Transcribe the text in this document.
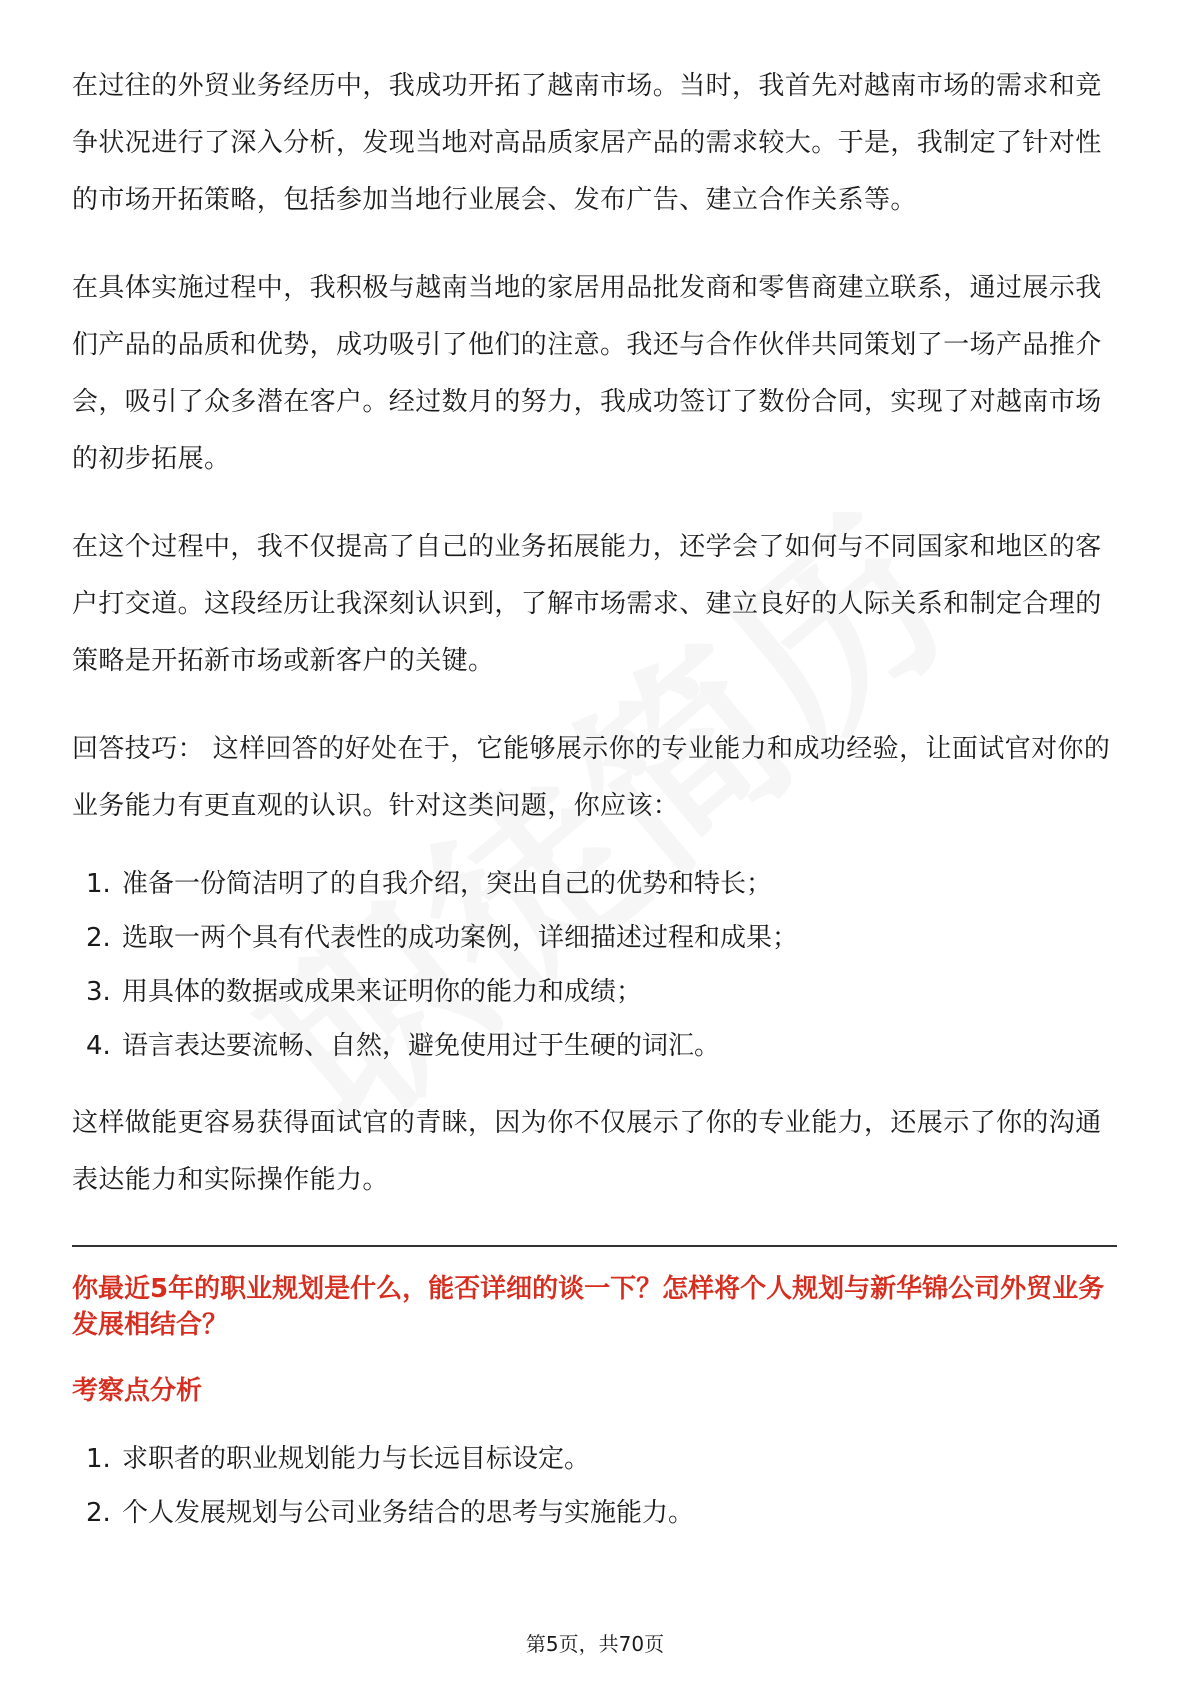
在过往的外贸业务经历中，我成功开拓了越南市场。当时，我首先对越南市场的需求和竞争状况进行了深入分析，发现当地对高品质家居产品的需求较大。于是，我制定了针对性的市场开拓策略，包括参加当地行业展会、发布广告、建立合作关系等。

在具体实施过程中，我积极与越南当地的家居用品批发商和零售商建立联系，通过展示我们产品的品质和优势，成功吸引了他们的注意。我还与合作伙伴共同策划了一场产品推介会，吸引了众多潜在客户。经过数月的努力，我成功签订了数份合同，实现了对越南市场的初步拓展。

在这个过程中，我不仅提高了自己的业务拓展能力，还学会了如何与不同国家和地区的客户打交道。这段经历让我深刻认识到，了解市场需求、建立良好的人际关系和制定合理的策略是开拓新市场或新客户的关键。

回答技巧： 这样回答的好处在于，它能够展示你的专业能力和成功经验，让面试官对你的业务能力有更直观的认识。针对这类问题，你应该：

1. 准备一份简洁明了的自我介绍，突出自己的优势和特长；
2. 选取一两个具有代表性的成功案例，详细描述过程和成果；
3. 用具体的数据或成果来证明你的能力和成绩；
4. 语言表达要流畅、自然，避免使用过于生硬的词汇。

这样做能更容易获得面试官的青睐，因为你不仅展示了你的专业能力，还展示了你的沟通表达能力和实际操作能力。

你最近5年的职业规划是什么，能否详细的谈一下？怎样将个人规划与新华锦公司外贸业务发展相结合？
考察点分析
1. 求职者的职业规划能力与长远目标设定。
2. 个人发展规划与公司业务结合的思考与实施能力。
第5页，共70页
